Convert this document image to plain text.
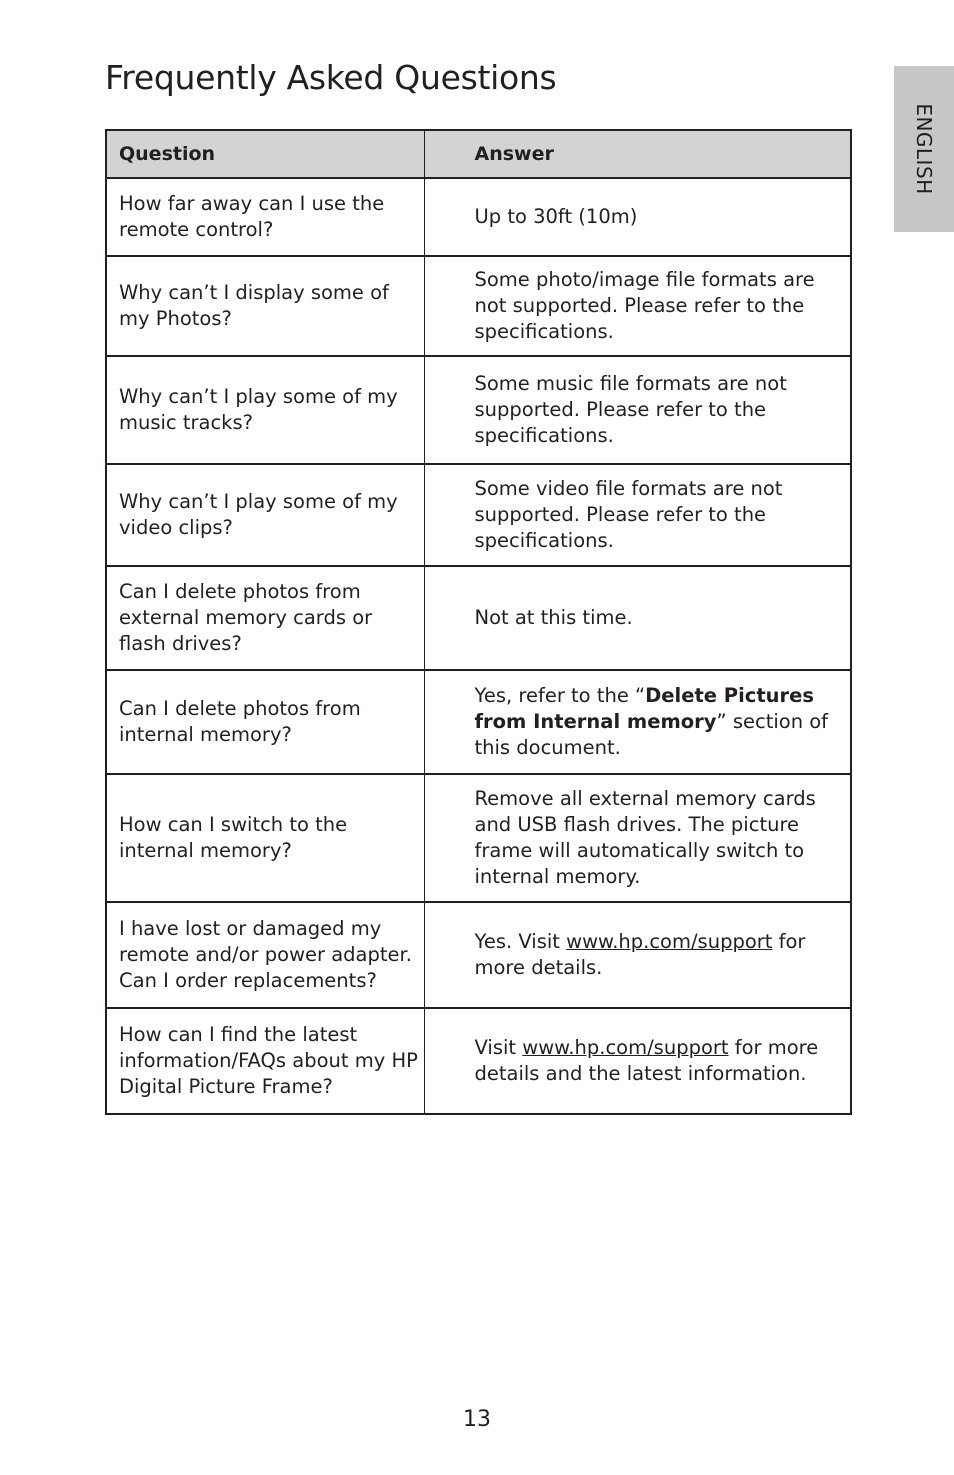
Frequently Asked Questions
ENGLISH
Question	Answer
How far away can I use the remote control?	Up to 30ft (10m)
Why can’t I display some of my Photos?	Some photo/image file formats are not supported. Please refer to the specifications.
Why can’t I play some of my music tracks?	Some music file formats are not supported. Please refer to the specifications.
Why can’t I play some of my video clips?	Some video file formats are not supported. Please refer to the specifications.
Can I delete photos from external memory cards or flash drives?	Not at this time.
Can I delete photos from internal memory?	Yes, refer to the “Delete Pictures from Internal memory” section of this document.
How can I switch to the internal memory?	Remove all external memory cards and USB flash drives. The picture frame will automatically switch to internal memory.
I have lost or damaged my remote and/or power adapter. Can I order replacements?	Yes. Visit www.hp.com/support for more details.
How can I find the latest information/FAQs about my HP Digital Picture Frame?	Visit www.hp.com/support for more details and the latest information.
13
